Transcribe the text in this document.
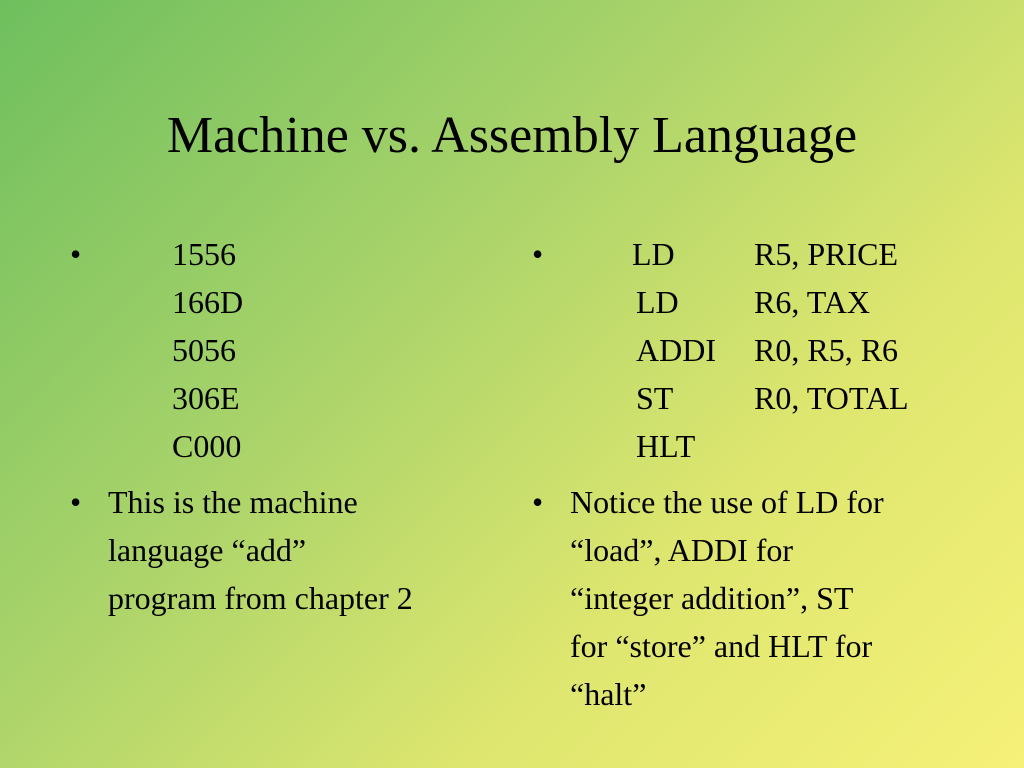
Machine vs. Assembly Language
•	1556
166D
5056
306E
C000
• This is the machine
language “add”
program from chapter 2
•	LD R5, PRICE
LD R6, TAX
ADDI R0, R5, R6
ST	R0, TOTAL
HLT
• Notice the use of LD for
“load”, ADDI for
“integer addition”, ST
for “store” and HLT for
“halt”
